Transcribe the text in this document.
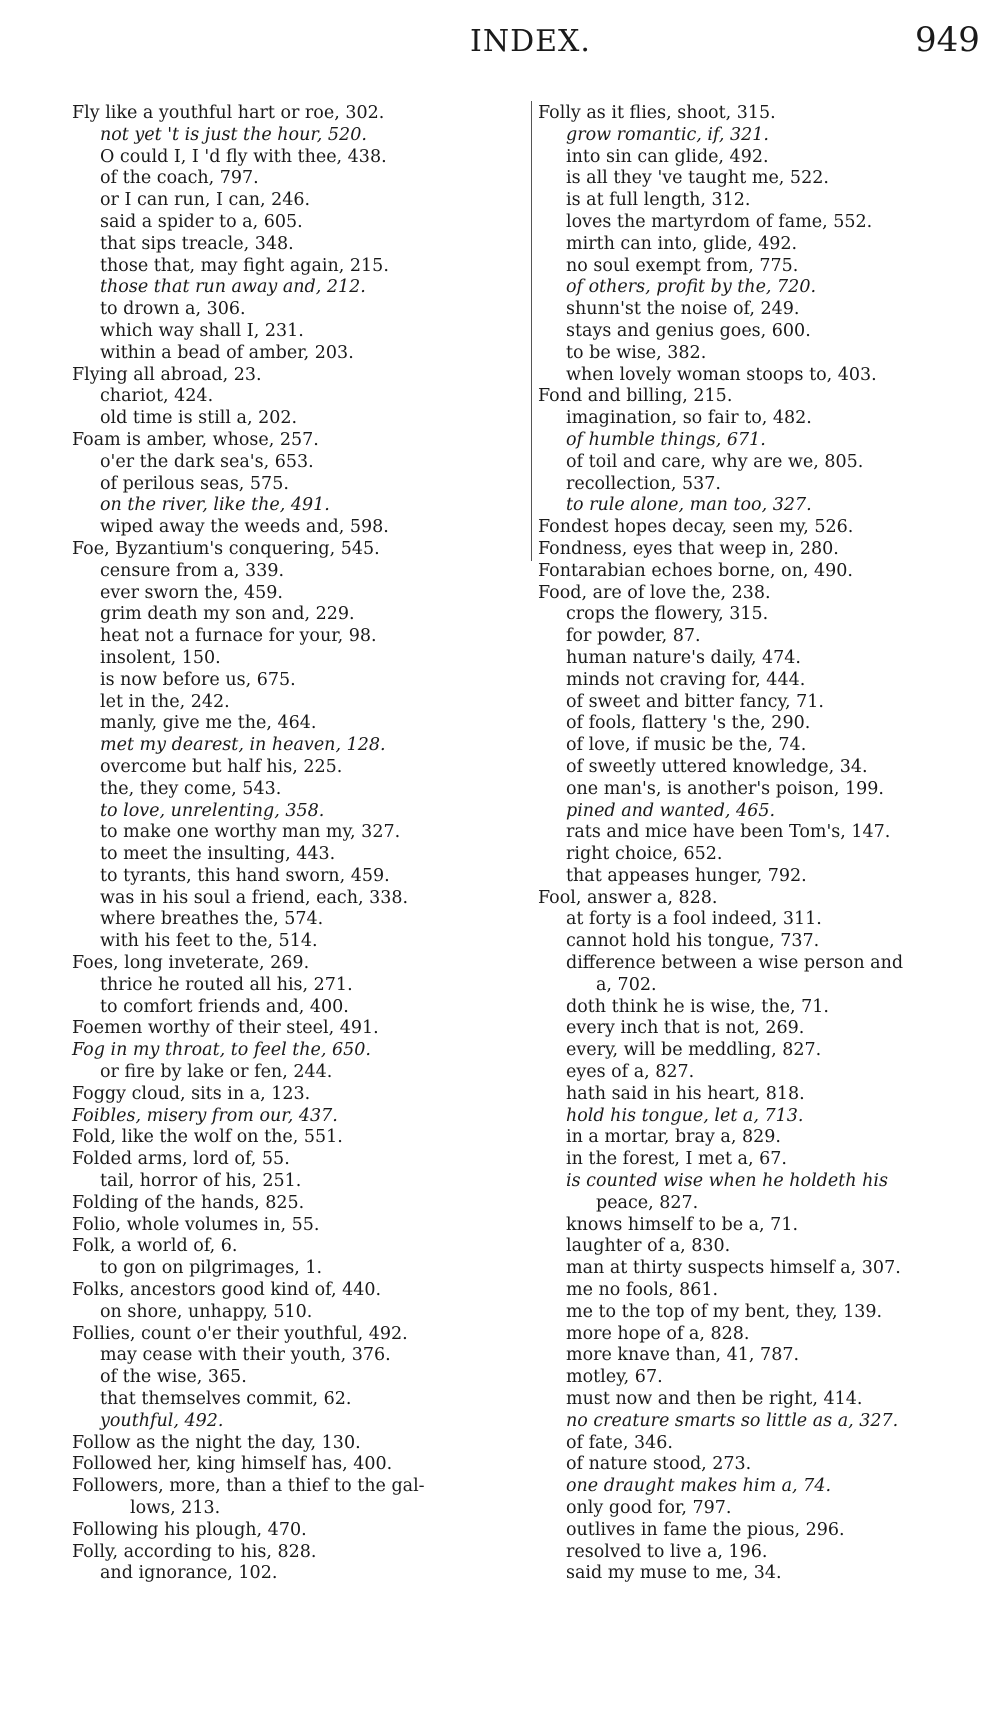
INDEX.	949
Fly like a youthful hart or roe, 302.
not yet 't is just the hour, 520.
O could I, I 'd fly with thee, 438.
of the coach, 797.
or I can run, I can, 246.
said a spider to a, 605.
that sips treacle, 348.
those that, may fight again, 215.
those that run away and, 212.
to drown a, 306.
which way shall I, 231.
within a bead of amber, 203.
Flying all abroad, 23.
chariot, 424.
old time is still a, 202.
Foam is amber, whose, 257.
o'er the dark sea's, 653.
of perilous seas, 575.
on the river, like the, 491.
wiped away the weeds and, 598.
Foe, Byzantium's conquering, 545.
censure from a, 339.
ever sworn the, 459.
grim death my son and, 229.
heat not a furnace for your, 98.
insolent, 150.
is now before us, 675.
let in the, 242.
manly, give me the, 464.
met my dearest, in heaven, 128.
overcome but half his, 225.
the, they come, 543.
to love, unrelenting, 358.
to make one worthy man my, 327.
to meet the insulting, 443.
to tyrants, this hand sworn, 459.
was in his soul a friend, each, 338.
where breathes the, 574.
with his feet to the, 514.
Foes, long inveterate, 269.
thrice he routed all his, 271.
to comfort friends and, 400.
Foemen worthy of their steel, 491.
Fog in my throat, to feel the, 650.
or fire by lake or fen, 244.
Foggy cloud, sits in a, 123.
Foibles, misery from our, 437.
Fold, like the wolf on the, 551.
Folded arms, lord of, 55.
tail, horror of his, 251.
Folding of the hands, 825.
Folio, whole volumes in, 55.
Folk, a world of, 6.
to gon on pilgrimages, 1.
Folks, ancestors good kind of, 440.
on shore, unhappy, 510.
Follies, count o'er their youthful, 492.
may cease with their youth, 376.
of the wise, 365.
that themselves commit, 62.
youthful, 492.
Follow as the night the day, 130.
Followed her, king himself has, 400.
Followers, more, than a thief to the gal-
lows, 213.
Following his plough, 470.
Folly, according to his, 828.
and ignorance, 102.
Folly as it flies, shoot, 315.
grow romantic, if, 321.
into sin can glide, 492.
is all they 've taught me, 522.
is at full length, 312.
loves the martyrdom of fame, 552.
mirth can into, glide, 492.
no soul exempt from, 775.
of others, profit by the, 720.
shunn'st the noise of, 249.
stays and genius goes, 600.
to be wise, 382.
when lovely woman stoops to, 403.
Fond and billing, 215.
imagination, so fair to, 482.
of humble things, 671.
of toil and care, why are we, 805.
recollection, 537.
to rule alone, man too, 327.
Fondest hopes decay, seen my, 526.
Fondness, eyes that weep in, 280.
Fontarabian echoes borne, on, 490.
Food, are of love the, 238.
crops the flowery, 315.
for powder, 87.
human nature's daily, 474.
minds not craving for, 444.
of sweet and bitter fancy, 71.
of fools, flattery 's the, 290.
of love, if music be the, 74.
of sweetly uttered knowledge, 34.
one man's, is another's poison, 199.
pined and wanted, 465.
rats and mice have been Tom's, 147.
right choice, 652.
that appeases hunger, 792.
Fool, answer a, 828.
at forty is a fool indeed, 311.
cannot hold his tongue, 737.
difference between a wise person and
a, 702.
doth think he is wise, the, 71.
every inch that is not, 269.
every, will be meddling, 827.
eyes of a, 827.
hath said in his heart, 818.
hold his tongue, let a, 713.
in a mortar, bray a, 829.
in the forest, I met a, 67.
is counted wise when he holdeth his
peace, 827.
knows himself to be a, 71.
laughter of a, 830.
man at thirty suspects himself a, 307.
me no fools, 861.
me to the top of my bent, they, 139.
more hope of a, 828.
more knave than, 41, 787.
motley, 67.
must now and then be right, 414.
no creature smarts so little as a, 327.
of fate, 346.
of nature stood, 273.
one draught makes him a, 74.
only good for, 797.
outlives in fame the pious, 296.
resolved to live a, 196.
said my muse to me, 34.
